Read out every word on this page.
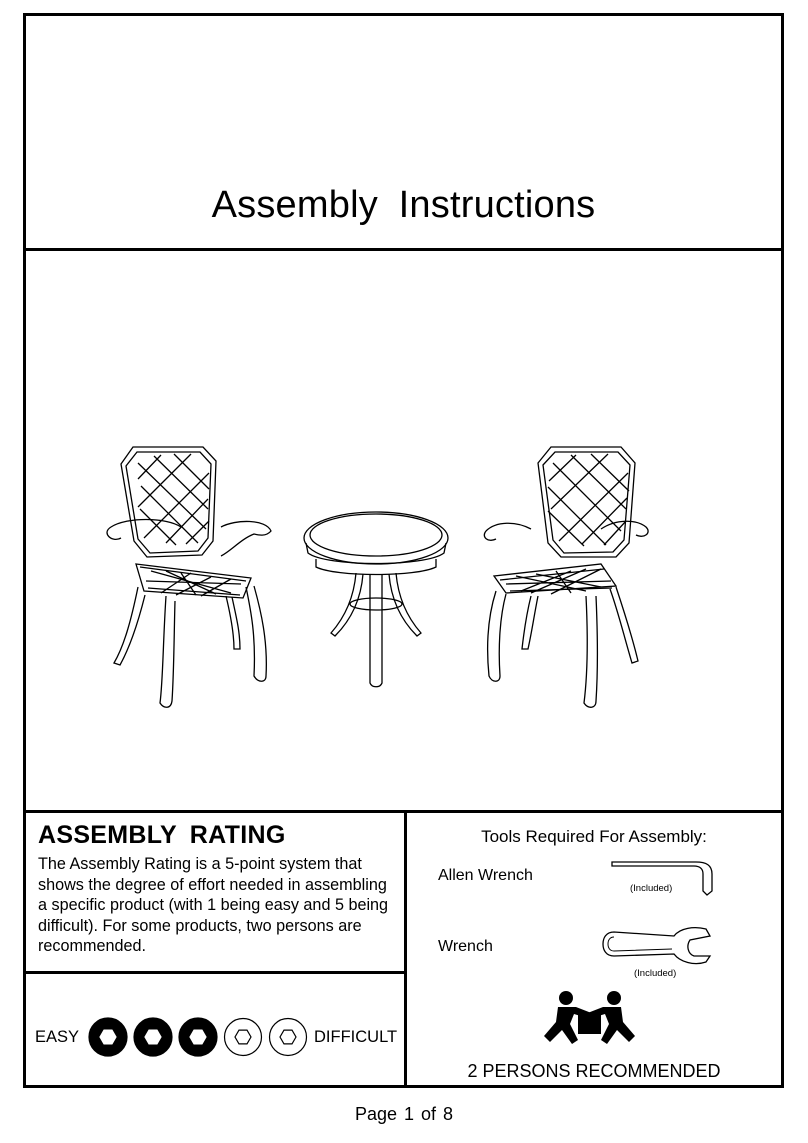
Assembly Instructions
ASSEMBLY RATING
The Assembly Rating is a 5-point system that shows the degree of effort needed in assembling a specific product (with 1 being easy and 5 being difficult). For some products, two persons are recommended.
EASY	DIFFICULT
Tools Required For Assembly:
Allen Wrench
(Included)
Wrench
(Included)
2 PERSONS RECOMMENDED
Page 1 of 8
